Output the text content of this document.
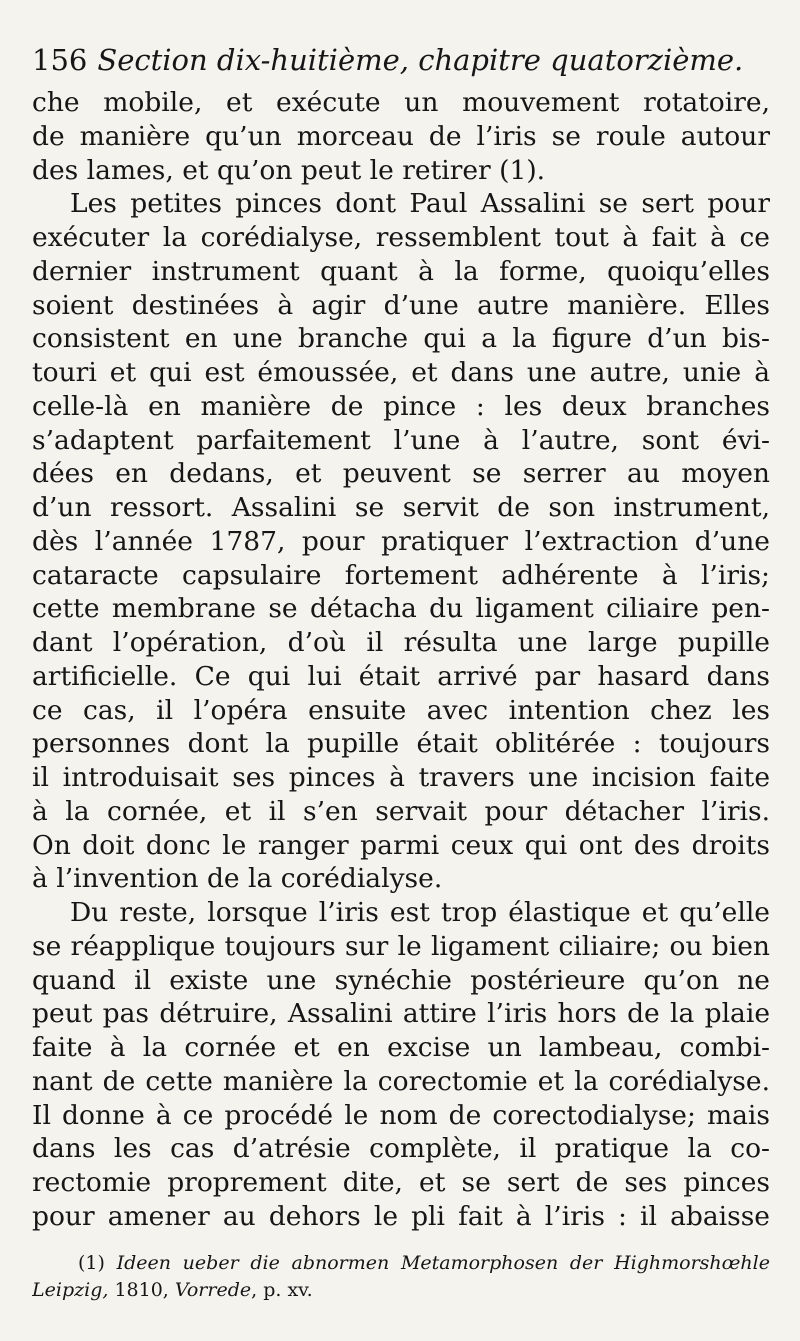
156 Section dix-huitième, chapitre quatorzième.
che mobile, et exécute un mouvement rotatoire,
de manière qu’un morceau de l’iris se roule autour
des lames, et qu’on peut le retirer (1).
Les petites pinces dont Paul Assalini se sert pour
exécuter la corédialyse, ressemblent tout à fait à ce
dernier instrument quant à la forme, quoiqu’elles
soient destinées à agir d’une autre manière. Elles
consistent en une branche qui a la figure d’un bis-
touri et qui est émoussée, et dans une autre, unie à
celle-là en manière de pince : les deux branches
s’adaptent parfaitement l’une à l’autre, sont évi-
dées en dedans, et peuvent se serrer au moyen
d’un ressort. Assalini se servit de son instrument,
dès l’année 1787, pour pratiquer l’extraction d’une
cataracte capsulaire fortement adhérente à l’iris;
cette membrane se détacha du ligament ciliaire pen-
dant l’opération, d’où il résulta une large pupille
artificielle. Ce qui lui était arrivé par hasard dans
ce cas, il l’opéra ensuite avec intention chez les
personnes dont la pupille était oblitérée : toujours
il introduisait ses pinces à travers une incision faite
à la cornée, et il s’en servait pour détacher l’iris.
On doit donc le ranger parmi ceux qui ont des droits
à l’invention de la corédialyse.
Du reste, lorsque l’iris est trop élastique et qu’elle
se réapplique toujours sur le ligament ciliaire; ou bien
quand il existe une synéchie postérieure qu’on ne
peut pas détruire, Assalini attire l’iris hors de la plaie
faite à la cornée et en excise un lambeau, combi-
nant de cette manière la corectomie et la corédialyse.
Il donne à ce procédé le nom de corectodialyse; mais
dans les cas d’atrésie complète, il pratique la co-
rectomie proprement dite, et se sert de ses pinces
pour amener au dehors le pli fait à l’iris : il abaisse
(1) Ideen ueber die abnormen Metamorphosen der Highmorshœhle
Leipzig, 1810, Vorrede, p. xv.
